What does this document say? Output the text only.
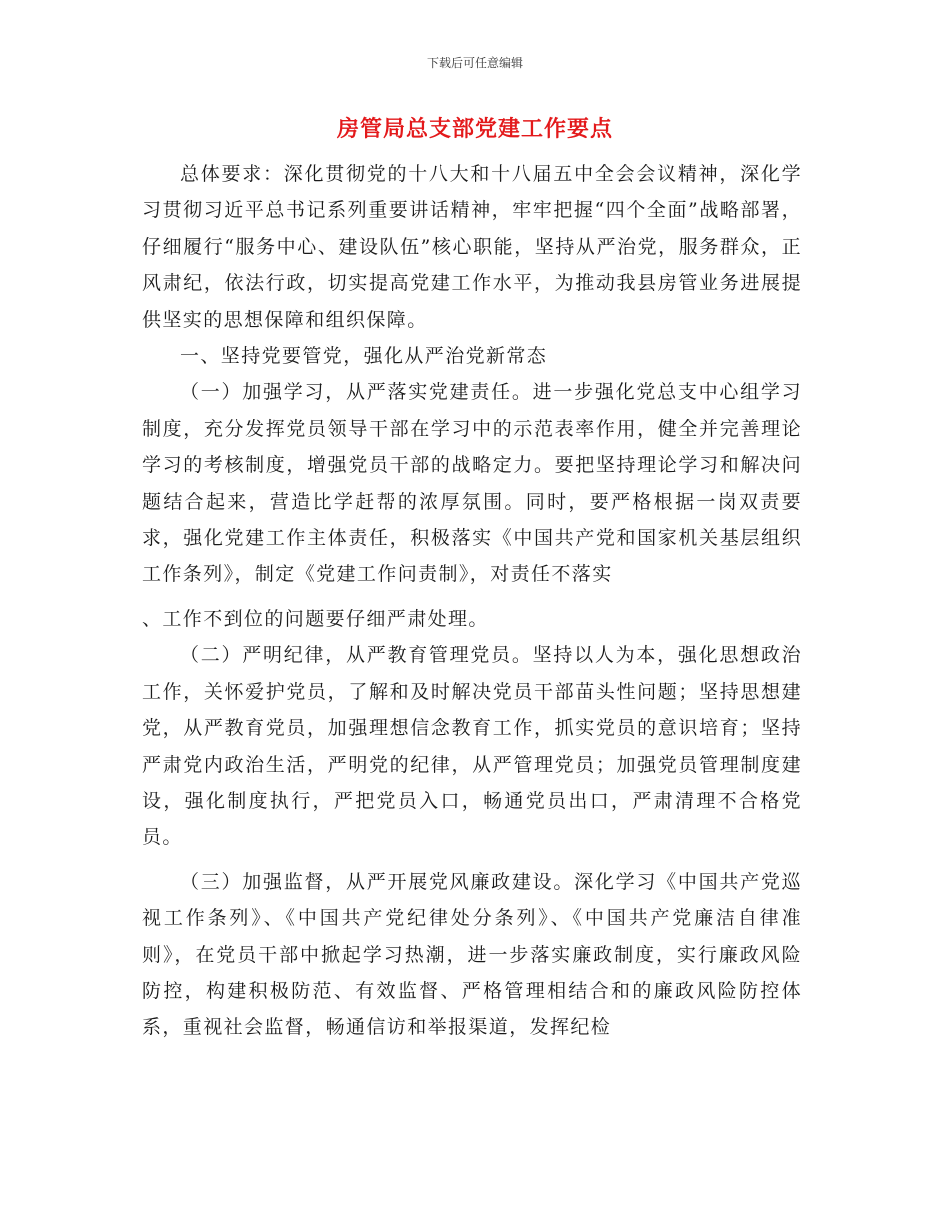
下载后可任意编辑
房管局总支部党建工作要点

总体要求：深化贯彻党的十八大和十八届五中全会会议精神，深化学习贯彻习近平总书记系列重要讲话精神，牢牢把握“四个全面”战略部署，仔细履行“服务中心、建设队伍”核心职能，坚持从严治党，服务群众，正风肃纪，依法行政，切实提高党建工作水平，为推动我县房管业务进展提供坚实的思想保障和组织保障。

一、坚持党要管党，强化从严治党新常态

（一）加强学习，从严落实党建责任。进一步强化党总支中心组学习制度，充分发挥党员领导干部在学习中的示范表率作用，健全并完善理论学习的考核制度，增强党员干部的战略定力。要把坚持理论学习和解决问题结合起来，营造比学赶帮的浓厚氛围。同时，要严格根据一岗双责要求，强化党建工作主体责任，积极落实《中国共产党和国家机关基层组织工作条列》，制定《党建工作问责制》，对责任不落实

、工作不到位的问题要仔细严肃处理。

（二）严明纪律，从严教育管理党员。坚持以人为本，强化思想政治工作，关怀爱护党员，了解和及时解决党员干部苗头性问题；坚持思想建党，从严教育党员，加强理想信念教育工作，抓实党员的意识培育；坚持严肃党内政治生活，严明党的纪律，从严管理党员；加强党员管理制度建设，强化制度执行，严把党员入口，畅通党员出口，严肃清理不合格党员。

（三）加强监督，从严开展党风廉政建设。深化学习《中国共产党巡视工作条列》、《中国共产党纪律处分条列》、《中国共产党廉洁自律准则》，在党员干部中掀起学习热潮，进一步落实廉政制度，实行廉政风险防控，构建积极防范、有效监督、严格管理相结合和的廉政风险防控体系，重视社会监督，畅通信访和举报渠道，发挥纪检
